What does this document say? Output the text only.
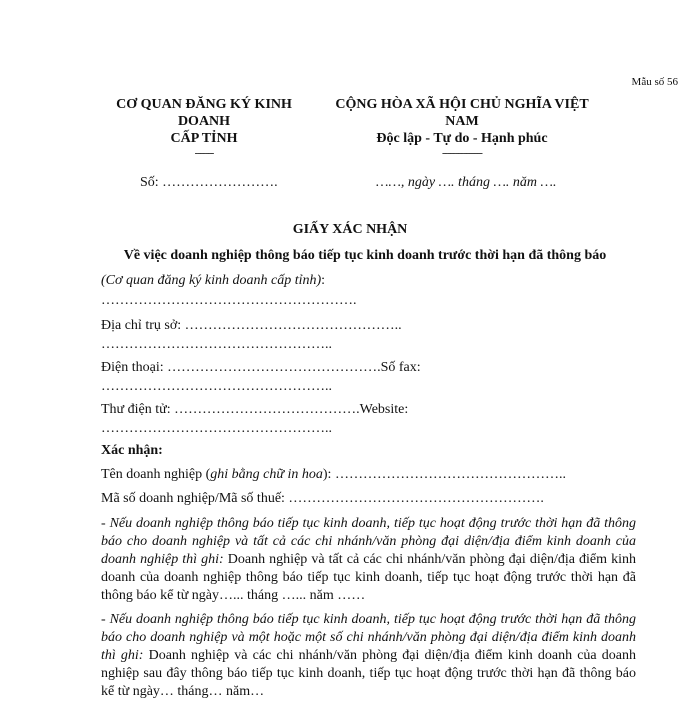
Mẫu số 56
CƠ QUAN ĐĂNG KÝ KINH DOANH
CẤP TỈNH
-------
CỘNG HÒA XÃ HỘI CHỦ NGHĨA VIỆT NAM
Độc lập - Tự do - Hạnh phúc
---------------
Số: …………………….	……, ngày …. tháng …. năm ….
GIẤY XÁC NHẬN
Về việc doanh nghiệp thông báo tiếp tục kinh doanh trước thời hạn đã thông báo
(Cơ quan đăng ký kinh doanh cấp tỉnh):
……………………………………………….
Địa chỉ trụ sở: ………………………………………..
…………………………………………..
Điện thoại: ……………………………………….Số fax:
…………………………………………..
Thư điện tử: ………………………………….Website:
…………………………………………..
Xác nhận:
Tên doanh nghiệp (ghi bằng chữ in hoa): …………………………………………..
Mã số doanh nghiệp/Mã số thuế: ……………………………………………….
- Nếu doanh nghiệp thông báo tiếp tục kinh doanh, tiếp tục hoạt động trước thời hạn đã thông báo cho doanh nghiệp và tất cả các chi nhánh/văn phòng đại diện/địa điểm kinh doanh của doanh nghiệp thì ghi: Doanh nghiệp và tất cả các chi nhánh/văn phòng đại diện/địa điểm kinh doanh của doanh nghiệp thông báo tiếp tục kinh doanh, tiếp tục hoạt động trước thời hạn đã thông báo kể từ ngày…... tháng …... năm ……
- Nếu doanh nghiệp thông báo tiếp tục kinh doanh, tiếp tục hoạt động trước thời hạn đã thông báo cho doanh nghiệp và một hoặc một số chi nhánh/văn phòng đại diện/địa điểm kinh doanh thì ghi: Doanh nghiệp và các chi nhánh/văn phòng đại diện/địa điểm kinh doanh của doanh nghiệp sau đây thông báo tiếp tục kinh doanh, tiếp tục hoạt động trước thời hạn đã thông báo kể từ ngày… tháng… năm…
